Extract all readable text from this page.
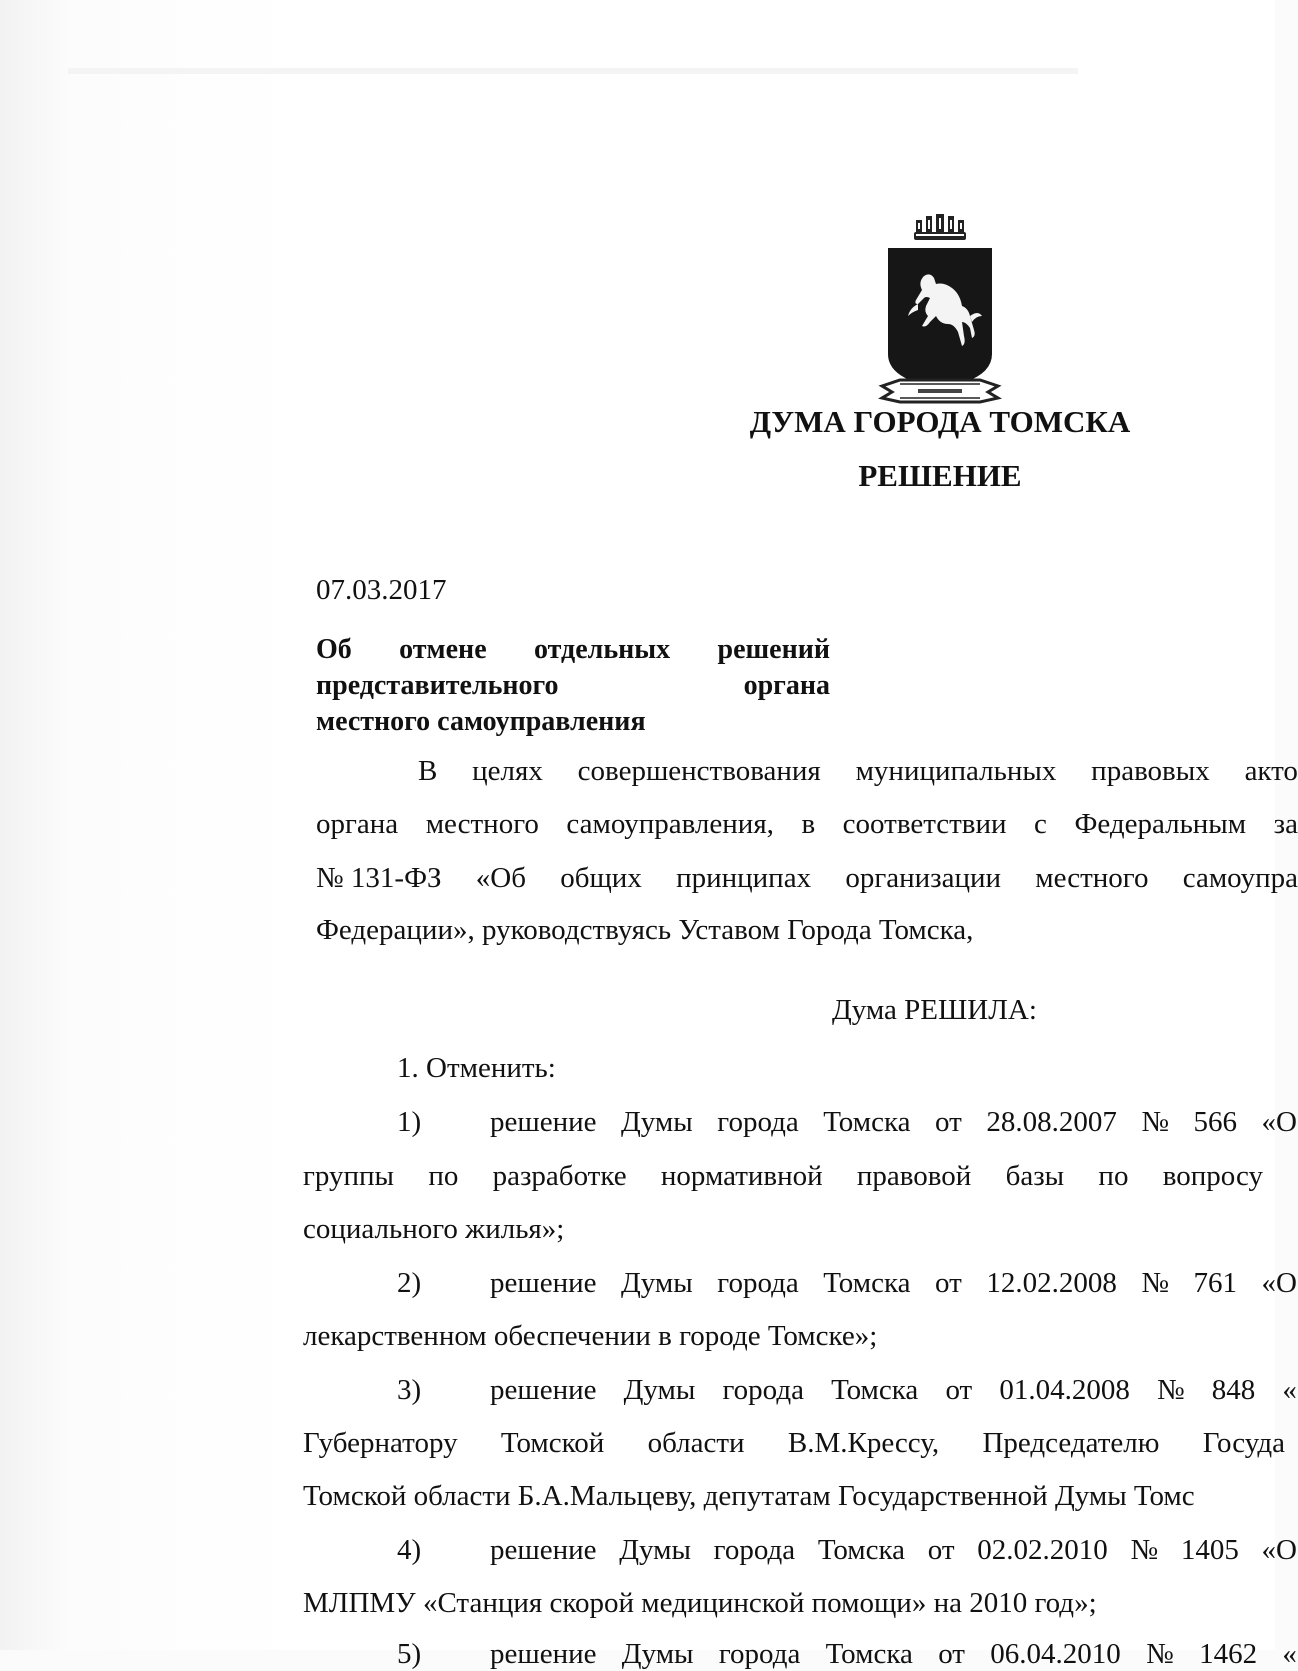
ДУМА ГОРОДА ТОМСКА
РЕШЕНИЕ
07.03.2017
Об отмене отдельных решений
представительного	органа
местного самоуправления
В целях совершенствования муниципальных правовых акто
органа местного самоуправления, в соответствии с Федеральным за
№ 131-ФЗ «Об общих принципах организации местного самоупра
Федерации», руководствуясь Уставом Города Томска,
Дума РЕШИЛА:
1. Отменить:
1)	решение Думы города Томска от 28.08.2007 № 566 «О
группы по разработке нормативной правовой базы по вопросу
социального жилья»;
2)	решение Думы города Томска от 12.02.2008 № 761 «О
лекарственном обеспечении в городе Томске»;
3)	решение Думы города Томска от 01.04.2008 № 848 «
Губернатору Томской области В.М.Крессу, Председателю Госуда
Томской области Б.А.Мальцеву, депутатам Государственной Думы Томс
4)	решение Думы города Томска от 02.02.2010 № 1405 «О
МЛПМУ «Станция скорой медицинской помощи» на 2010 год»;
5)	решение Думы города Томска от 06.04.2010 № 1462 «
